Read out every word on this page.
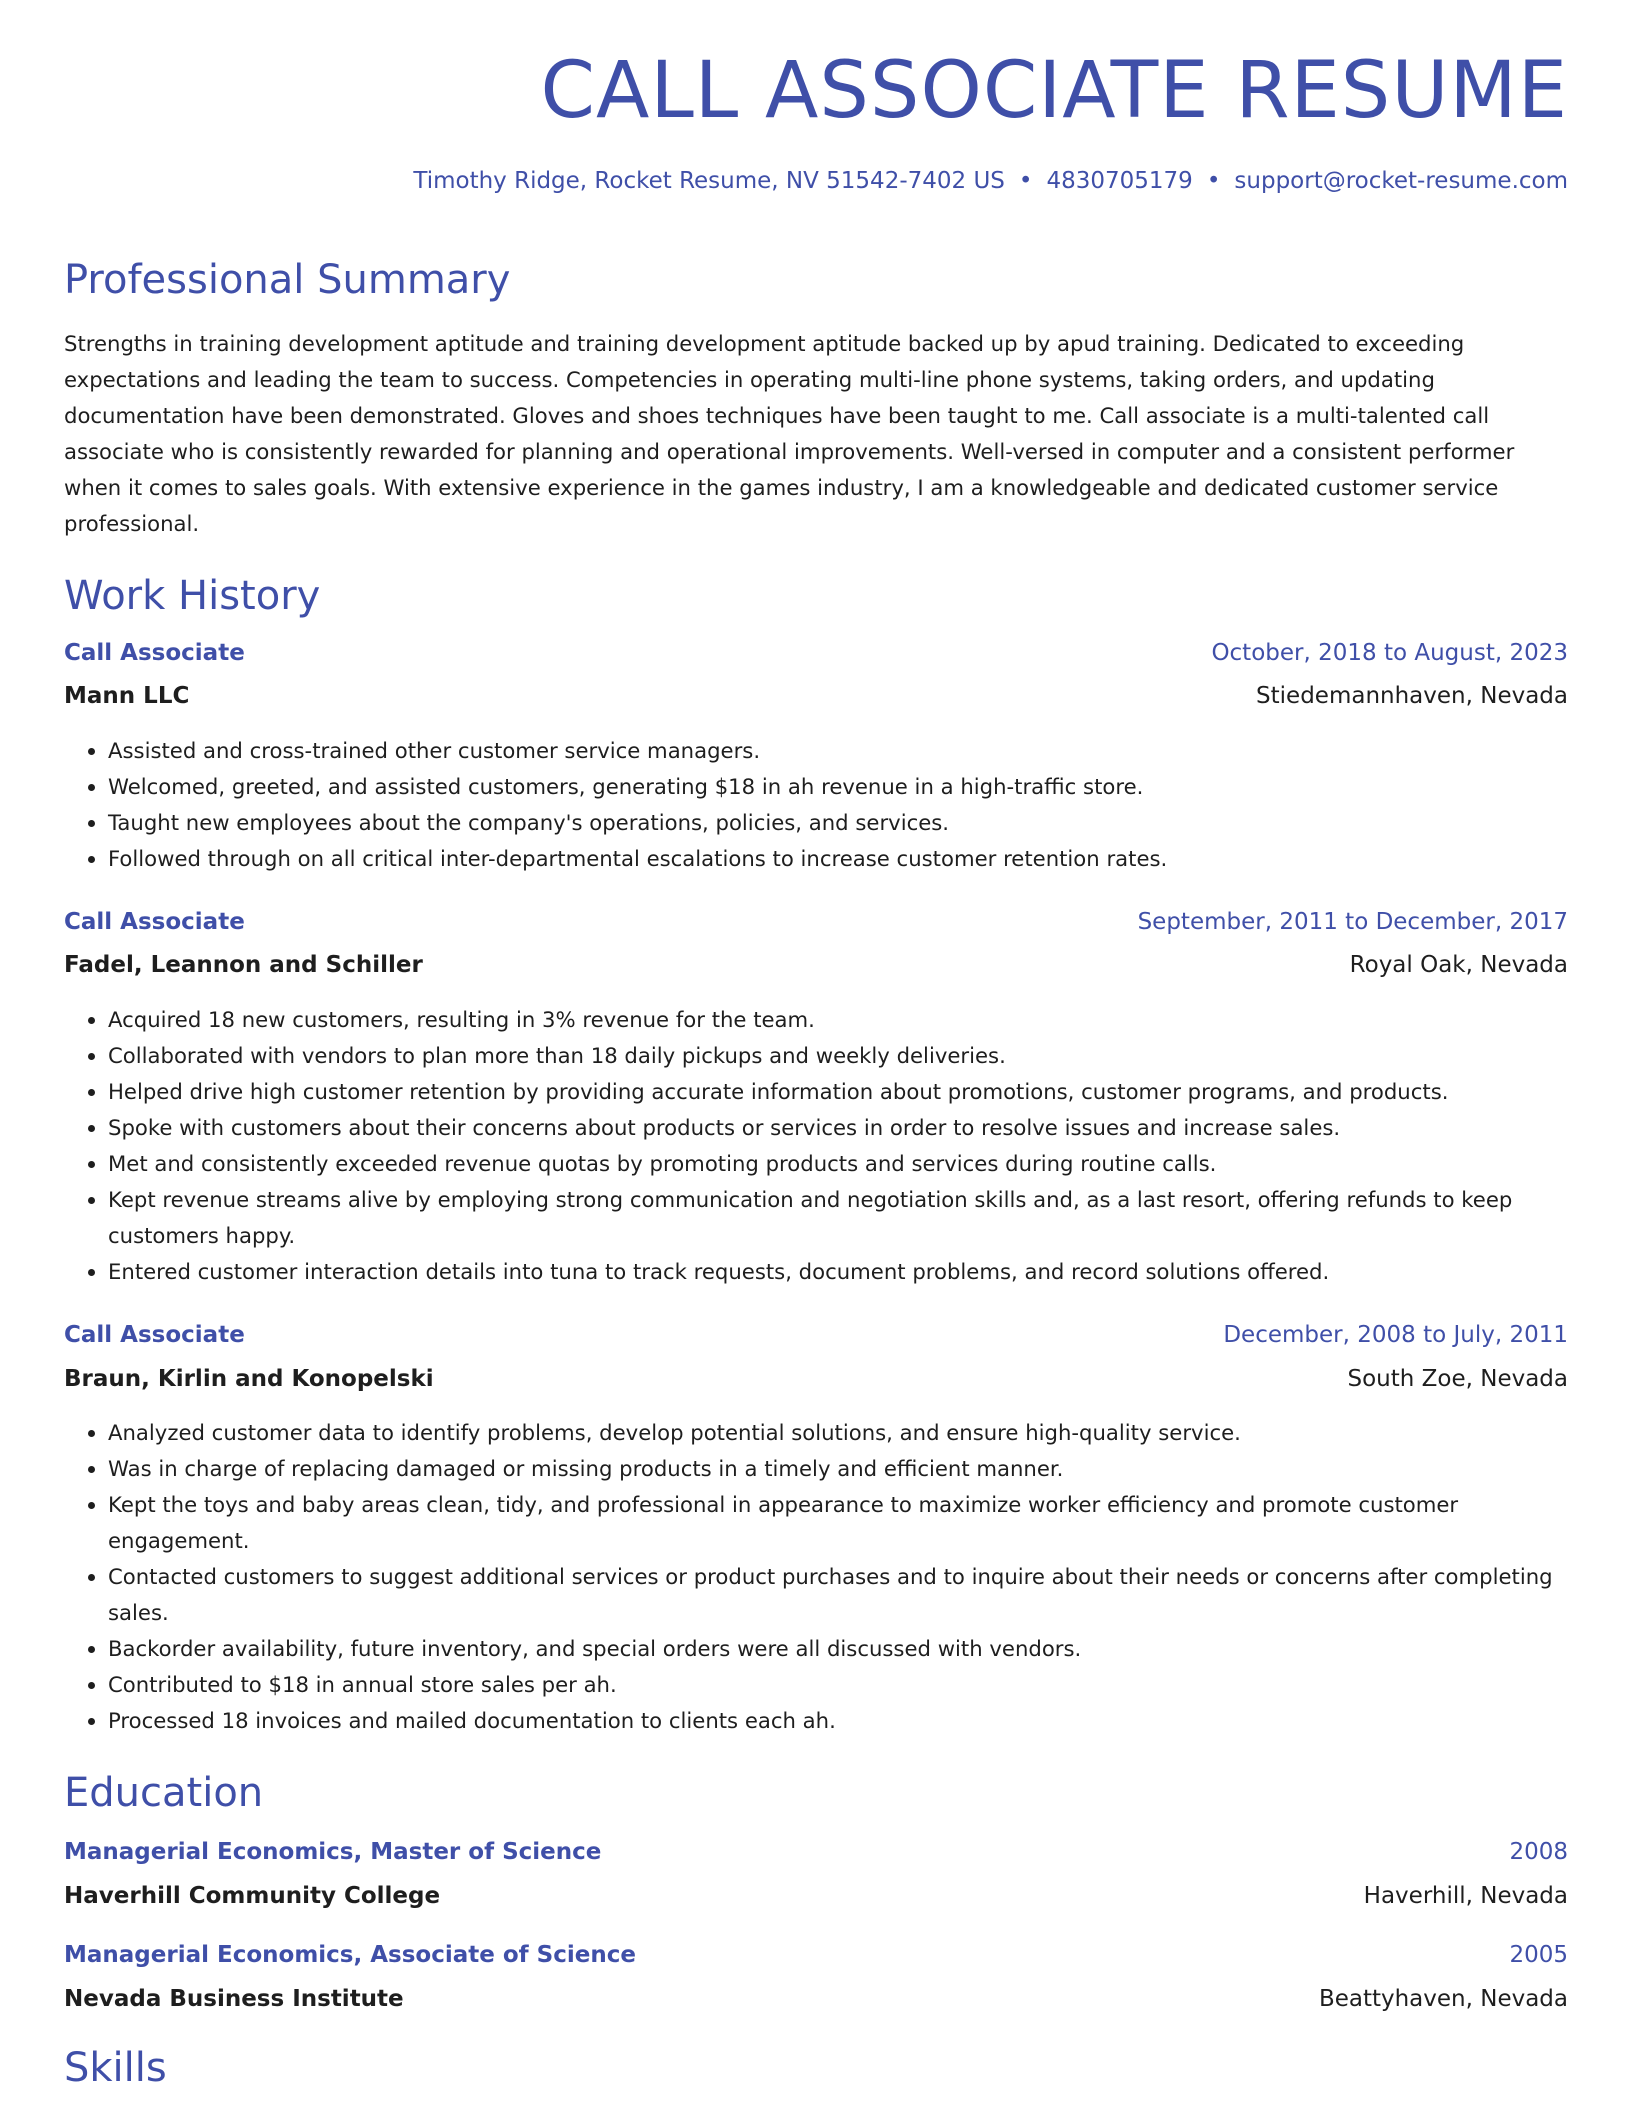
CALL ASSOCIATE RESUME
Timothy Ridge, Rocket Resume, NV 51542-7402 US • 4830705179 • support@rocket-resume.com
Professional Summary
Strengths in training development aptitude and training development aptitude backed up by apud training. Dedicated to exceeding expectations and leading the team to success. Competencies in operating multi-line phone systems, taking orders, and updating documentation have been demonstrated. Gloves and shoes techniques have been taught to me. Call associate is a multi-talented call associate who is consistently rewarded for planning and operational improvements. Well-versed in computer and a consistent performer when it comes to sales goals. With extensive experience in the games industry, I am a knowledgeable and dedicated customer service professional.
Work History
Call Associate	October, 2018 to August, 2023
Mann LLC	Stiedemannhaven, Nevada
• Assisted and cross-trained other customer service managers.
• Welcomed, greeted, and assisted customers, generating $18 in ah revenue in a high-traffic store.
• Taught new employees about the company's operations, policies, and services.
• Followed through on all critical inter-departmental escalations to increase customer retention rates.
Call Associate	September, 2011 to December, 2017
Fadel, Leannon and Schiller	Royal Oak, Nevada
• Acquired 18 new customers, resulting in 3% revenue for the team.
• Collaborated with vendors to plan more than 18 daily pickups and weekly deliveries.
• Helped drive high customer retention by providing accurate information about promotions, customer programs, and products.
• Spoke with customers about their concerns about products or services in order to resolve issues and increase sales.
• Met and consistently exceeded revenue quotas by promoting products and services during routine calls.
• Kept revenue streams alive by employing strong communication and negotiation skills and, as a last resort, offering refunds to keep customers happy.
• Entered customer interaction details into tuna to track requests, document problems, and record solutions offered.
Call Associate	December, 2008 to July, 2011
Braun, Kirlin and Konopelski	South Zoe, Nevada
• Analyzed customer data to identify problems, develop potential solutions, and ensure high-quality service.
• Was in charge of replacing damaged or missing products in a timely and efficient manner.
• Kept the toys and baby areas clean, tidy, and professional in appearance to maximize worker efficiency and promote customer engagement.
• Contacted customers to suggest additional services or product purchases and to inquire about their needs or concerns after completing sales.
• Backorder availability, future inventory, and special orders were all discussed with vendors.
• Contributed to $18 in annual store sales per ah.
• Processed 18 invoices and mailed documentation to clients each ah.
Education
Managerial Economics, Master of Science	2008
Haverhill Community College	Haverhill, Nevada
Managerial Economics, Associate of Science	2005
Nevada Business Institute	Beattyhaven, Nevada
Skills
